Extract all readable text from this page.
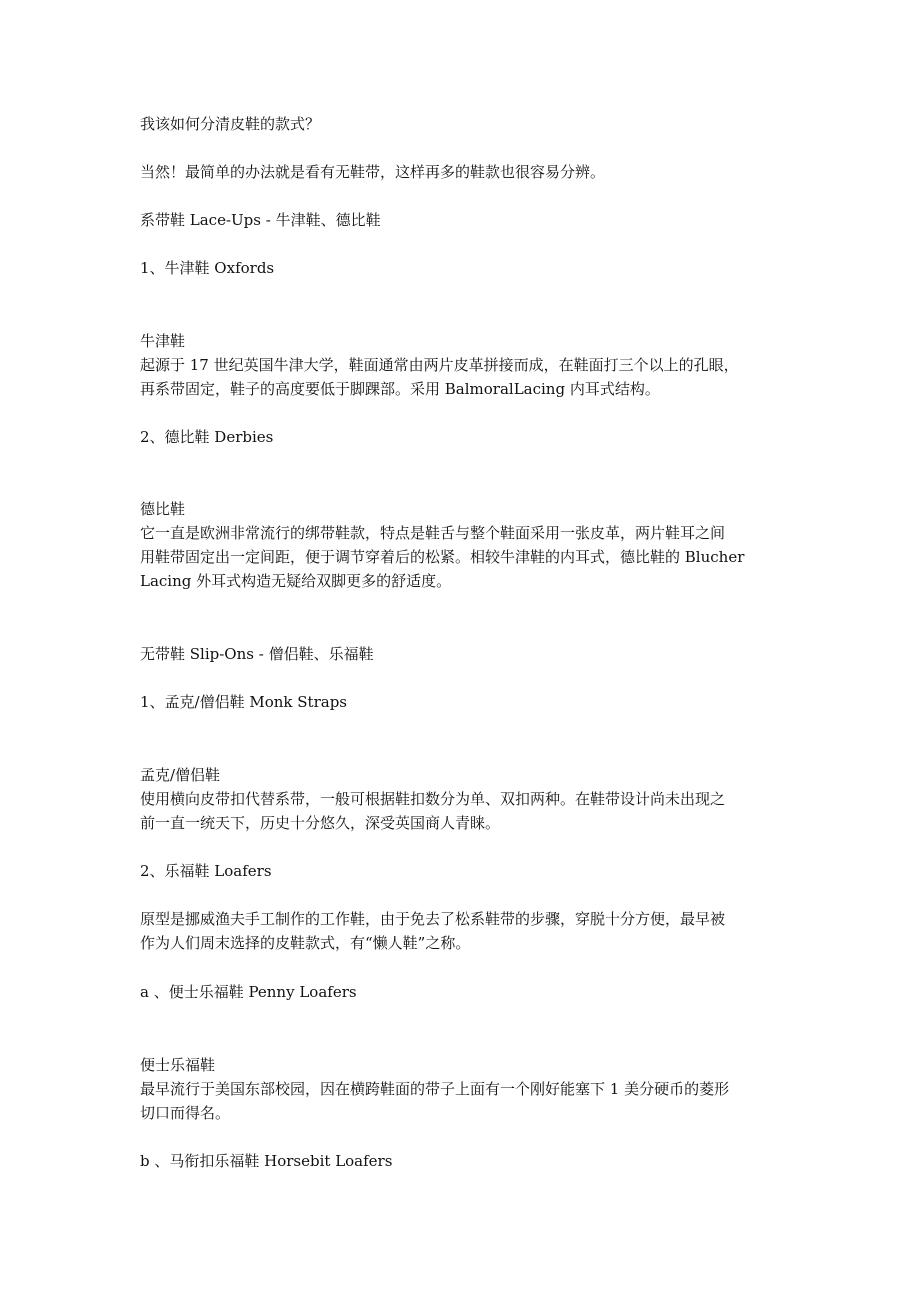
我该如何分清皮鞋的款式？

当然！最简单的办法就是看有无鞋带，这样再多的鞋款也很容易分辨。

系带鞋 Lace-Ups - 牛津鞋、德比鞋

1、牛津鞋 Oxfords

牛津鞋

起源于 17 世纪英国牛津大学，鞋面通常由两片皮革拼接而成，在鞋面打三个以上的孔眼，

再系带固定，鞋子的高度要低于脚踝部。采用 BalmoralLacing 内耳式结构。

2、德比鞋 Derbies

德比鞋

它一直是欧洲非常流行的绑带鞋款，特点是鞋舌与整个鞋面采用一张皮革，两片鞋耳之间

用鞋带固定出一定间距，便于调节穿着后的松紧。相较牛津鞋的内耳式，德比鞋的 Blucher

Lacing 外耳式构造无疑给双脚更多的舒适度。

无带鞋 Slip-Ons - 僧侣鞋、乐福鞋

1、孟克/僧侣鞋 Monk Straps

孟克/僧侣鞋

使用横向皮带扣代替系带，一般可根据鞋扣数分为单、双扣两种。在鞋带设计尚未出现之

前一直一统天下，历史十分悠久，深受英国商人青睐。

2、乐福鞋 Loafers

原型是挪威渔夫手工制作的工作鞋，由于免去了松系鞋带的步骤，穿脱十分方便，最早被

作为人们周末选择的皮鞋款式，有“懒人鞋”之称。

a 、便士乐福鞋 Penny Loafers

便士乐福鞋

最早流行于美国东部校园，因在横跨鞋面的带子上面有一个刚好能塞下 1 美分硬币的菱形

切口而得名。

b 、马衔扣乐福鞋 Horsebit Loafers
